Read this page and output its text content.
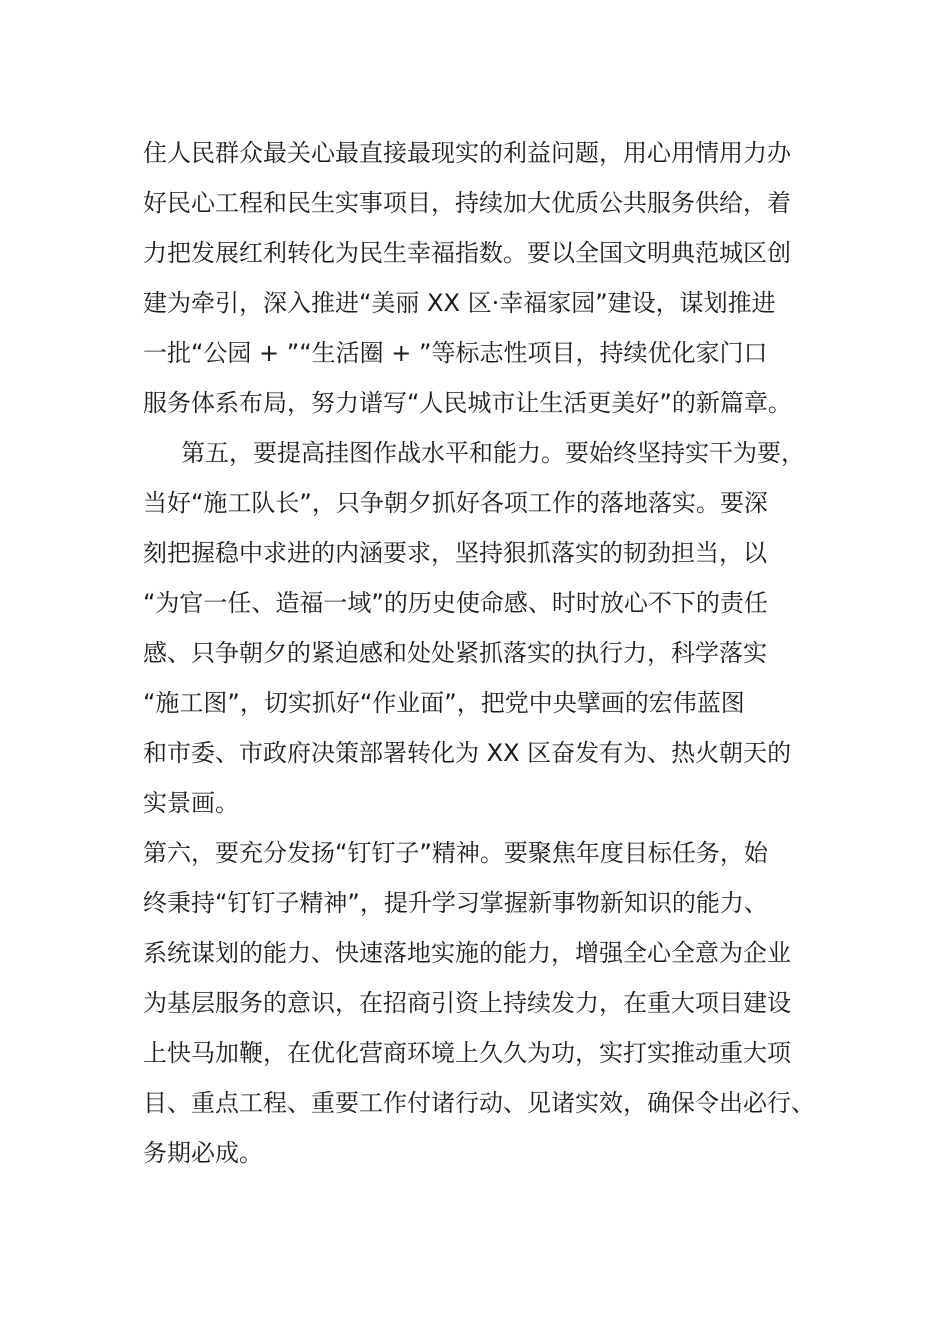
住人民群众最关心最直接最现实的利益问题，用心用情用力办
好民心工程和民生实事项目，持续加大优质公共服务供给，着
力把发展红利转化为民生幸福指数。要以全国文明典范城区创
建为牵引，深入推进“美丽 XX 区·幸福家园”建设，谋划推进
一批“公园 + ”“生活圈 + ”等标志性项目，持续优化家门口
服务体系布局，努力谱写“人民城市让生活更美好”的新篇章。
第五，要提高挂图作战水平和能力。要始终坚持实干为要，
当好“施工队长”，只争朝夕抓好各项工作的落地落实。要深
刻把握稳中求进的内涵要求，坚持狠抓落实的韧劲担当，以
“为官一任、造福一域”的历史使命感、时时放心不下的责任
感、只争朝夕的紧迫感和处处紧抓落实的执行力，科学落实
“施工图”，切实抓好“作业面”，把党中央擘画的宏伟蓝图
和市委、市政府决策部署转化为 XX 区奋发有为、热火朝天的
实景画。
第六，要充分发扬“钉钉子”精神。要聚焦年度目标任务，始
终秉持“钉钉子精神”，提升学习掌握新事物新知识的能力、
系统谋划的能力、快速落地实施的能力，增强全心全意为企业
为基层服务的意识，在招商引资上持续发力，在重大项目建设
上快马加鞭，在优化营商环境上久久为功，实打实推动重大项
目、重点工程、重要工作付诸行动、见诸实效，确保令出必行、
务期必成。
